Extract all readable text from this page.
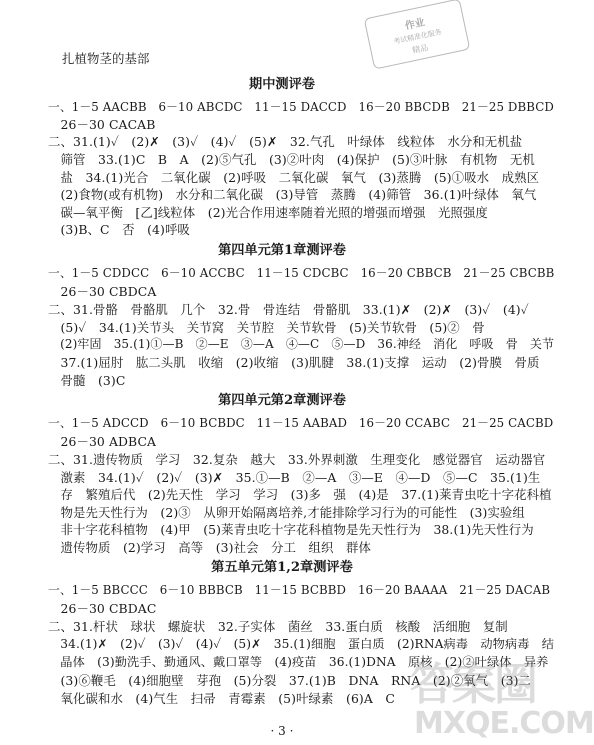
作业
考试精准化服务
精品
扎植物茎的基部
期中测评卷
一、1－5 AACBB　6－10 ABCDC　11－15 DACCD　16－20 BBCDB　21－25 DBBCD
　26－30 CACAB
二、31.(1)✓　(2)✗　(3)✓　(4)✓　(5)✗　32.气孔　叶绿体　线粒体　水分和无机盐
　筛管　33.(1)C　B　A　(2)⑤气孔　(3)②叶肉　(4)保护　(5)③叶脉　有机物　无机
　盐　34.(1)光合　二氧化碳　(2)呼吸　二氧化碳　氧气　(3)蒸腾　(5)①吸水　成熟区
　(2)食物(或有机物)　水分和二氧化碳　(3)导管　蒸腾　(4)筛管　36.(1)叶绿体　氧气
　碳—氧平衡　[乙]线粒体　(2)光合作用速率随着光照的增强而增强　光照强度
　(3)B、C　否　(4)呼吸
第四单元第1章测评卷
一、1－5 CDDCC　6－10 ACCBC　11－15 CDCBC　16－20 CBBCB　21－25 CBCBB
　26－30 CBDCA
二、31.骨骼　骨骼肌　几个　32.骨　骨连结　骨骼肌　33.(1)✗　(2)✗　(3)✓　(4)✓
　(5)✓　34.(1)关节头　关节窝　关节腔　关节软骨　(5)关节软骨　(5)②　骨
　(2)牢固　35.(1)①—B　②—E　③—A　④—C　⑤—D　36.神经　消化　呼吸　骨　关节
　37.(1)屈肘　肱二头肌　收缩　(2)收缩　(3)肌腱　38.(1)支撑　运动　(2)骨膜　骨质
　骨髓　(3)C
第四单元第2章测评卷
一、1－5 ADCCD　6－10 BCBDC　11－15 AABAD　16－20 CCABC　21－25 CACBD
　26－30 ADBCA
二、31.遗传物质　学习　32.复杂　越大　33.外界刺激　生理变化　感觉器官　运动器官
　激素　34.(1)✓　(2)✓　(3)✗　35.①—B　②—A　③—E　④—D　⑤—C　35.(1)生
　存　繁殖后代　(2)先天性　学习　学习　(3)多　强　(4)是　37.(1)莱青虫吃十字花科植
　物是先天性行为　(2)③　从卵开始隔离培养,才能排除学习行为的可能性　(3)实验组
　非十字花科植物　(4)甲　(5)莱青虫吃十字花科植物是先天性行为　38.(1)先天性行为
　遗传物质　(2)学习　高等　(3)社会　分工　组织　群体
第五单元第1,2章测评卷
一、1－5 BBCCC　6－10 BBBCB　11－15 BCBBD　16－20 BAAAA　21－25 DACAB
　26－30 CBDAC
二、31.杆状　球状　螺旋状　32.子实体　菌丝　33.蛋白质　核酸　活细胞　复制
　34.(1)✗　(2)✓　(3)✓　(4)✓　(5)✗　35.(1)细胞　蛋白质　(2)RNA病毒　动物病毒　结
　晶体　(3)勤洗手、勤通风、戴口罩等　(4)疫苗　36.(1)DNA　原核　(2)②叶绿体　异养
　(3)⑥鞭毛　(4)细胞壁　芽孢　(5)分裂　37.(1)B　DNA　RNA　(2)②氧气　(3)二
　氧化碳和水　(4)气生　扫帚　青霉素　(5)叶绿素　(6)A　C
· 3 ·
答案圈
MXQE.COM
